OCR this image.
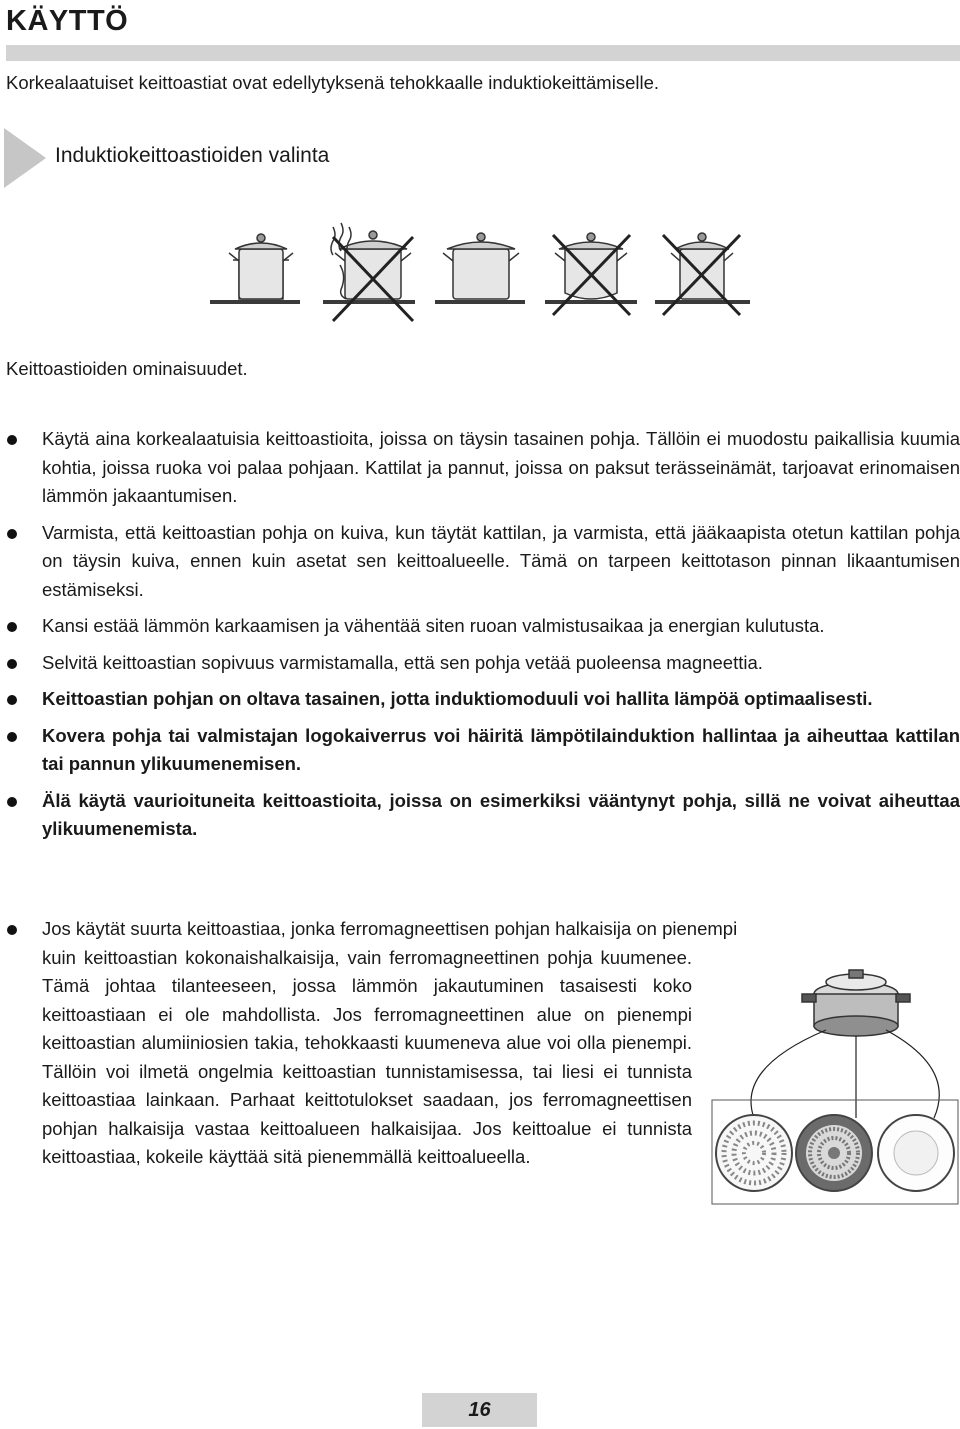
KÄYTTÖ
Korkealaatuiset keittoastiat ovat edellytyksenä tehokkaalle induktiokeittämiselle.
Induktiokeittoastioiden valinta
Keittoastioiden ominaisuudet.
Käytä aina korkealaatuisia keittoastioita, joissa on täysin tasainen pohja. Tällöin ei muodostu paikallisia kuumia kohtia, joissa ruoka voi palaa pohjaan. Kattilat ja pannut, joissa on paksut terässeinämät, tarjoavat erinomaisen lämmön jakaantumisen.
Varmista, että keittoastian pohja on kuiva, kun täytät kattilan, ja varmista, että jääkaapista otetun kattilan pohja on täysin kuiva, ennen kuin asetat sen keittoalueelle. Tämä on tarpeen keittotason pinnan likaantumisen estämiseksi.
Kansi estää lämmön karkaamisen ja vähentää siten ruoan valmistusaikaa ja energian kulutusta.
Selvitä keittoastian sopivuus varmistamalla, että sen pohja vetää puoleensa magneettia.
Keittoastian pohjan on oltava tasainen, jotta induktiomoduuli voi hallita lämpöä optimaalisesti.
Kovera pohja tai valmistajan logokaiverrus voi häiritä lämpötilainduktion hallintaa ja aiheuttaa kattilan tai pannun ylikuumenemisen.
Älä käytä vaurioituneita keittoastioita, joissa on esimerkiksi vääntynyt pohja, sillä ne voivat aiheuttaa ylikuumenemista.
Jos käytät suurta keittoastiaa, jonka ferromagneettisen pohjan halkaisija on pienempi
kuin keittoastian kokonaishalkaisija, vain ferromagneettinen pohja kuumenee. Tämä johtaa tilanteeseen, jossa lämmön jakautuminen tasaisesti koko keittoastiaan ei ole mahdollista. Jos ferromagneettinen alue on pienempi keittoastian alumiiniosien takia, tehokkaasti kuumeneva alue voi olla pienempi. Tällöin voi ilmetä ongelmia keittoastian tunnistamisessa, tai liesi ei tunnista keittoastiaa lainkaan. Parhaat keittotulokset saadaan, jos ferromagneettisen pohjan halkaisija vastaa keittoalueen halkaisijaa. Jos keittoalue ei tunnista keittoastiaa, kokeile käyttää sitä pienemmällä keittoalueella.
16
